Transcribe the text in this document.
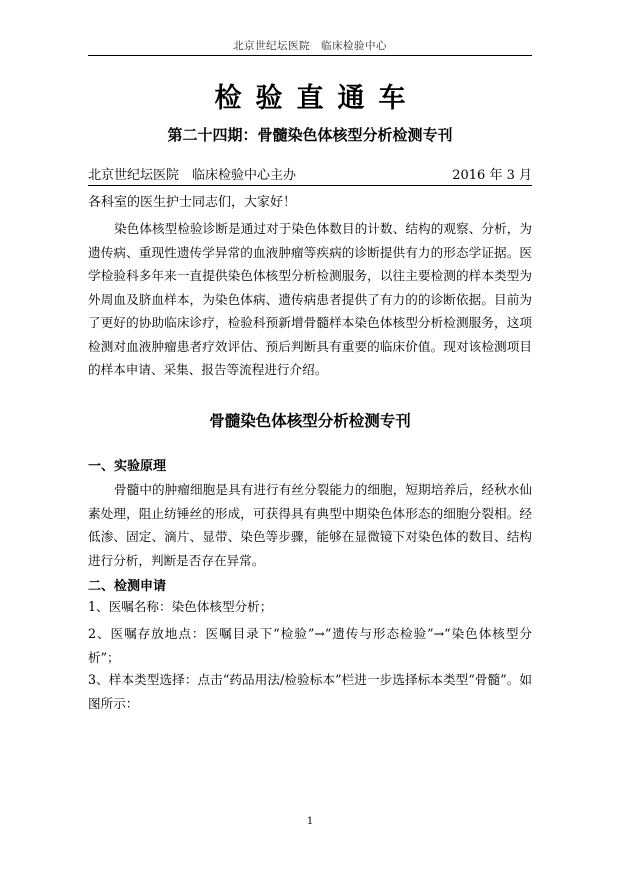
北京世纪坛医院　临床检验中心
检验直通车
第二十四期：骨髓染色体核型分析检测专刊
北京世纪坛医院　临床检验中心主办	2016 年 3 月
各科室的医生护士同志们，大家好！

染色体核型检验诊断是通过对于染色体数目的计数、结构的观察、分析，为遗传病、重现性遗传学异常的血液肿瘤等疾病的诊断提供有力的形态学证据。医学检验科多年来一直提供染色体核型分析检测服务，以往主要检测的样本类型为外周血及脐血样本，为染色体病、遗传病患者提供了有力的的诊断依据。目前为了更好的协助临床诊疗，检验科预新增骨髓样本染色体核型分析检测服务，这项检测对血液肿瘤患者疗效评估、预后判断具有重要的临床价值。现对该检测项目的样本申请、采集、报告等流程进行介绍。

骨髓染色体核型分析检测专刊
一、实验原理

骨髓中的肿瘤细胞是具有进行有丝分裂能力的细胞，短期培养后，经秋水仙素处理，阻止纺锤丝的形成，可获得具有典型中期染色体形态的细胞分裂相。经低渗、固定、滴片、显带、染色等步骤，能够在显微镜下对染色体的数目、结构进行分析，判断是否存在异常。

二、检测申请

1、医嘱名称：染色体核型分析；

2、医嘱存放地点：医嘱目录下“检验”→“遗传与形态检验”→“染色体核型分析”；

3、样本类型选择：点击“药品用法/检验标本”栏进一步选择标本类型“骨髓”。如图所示：

1
